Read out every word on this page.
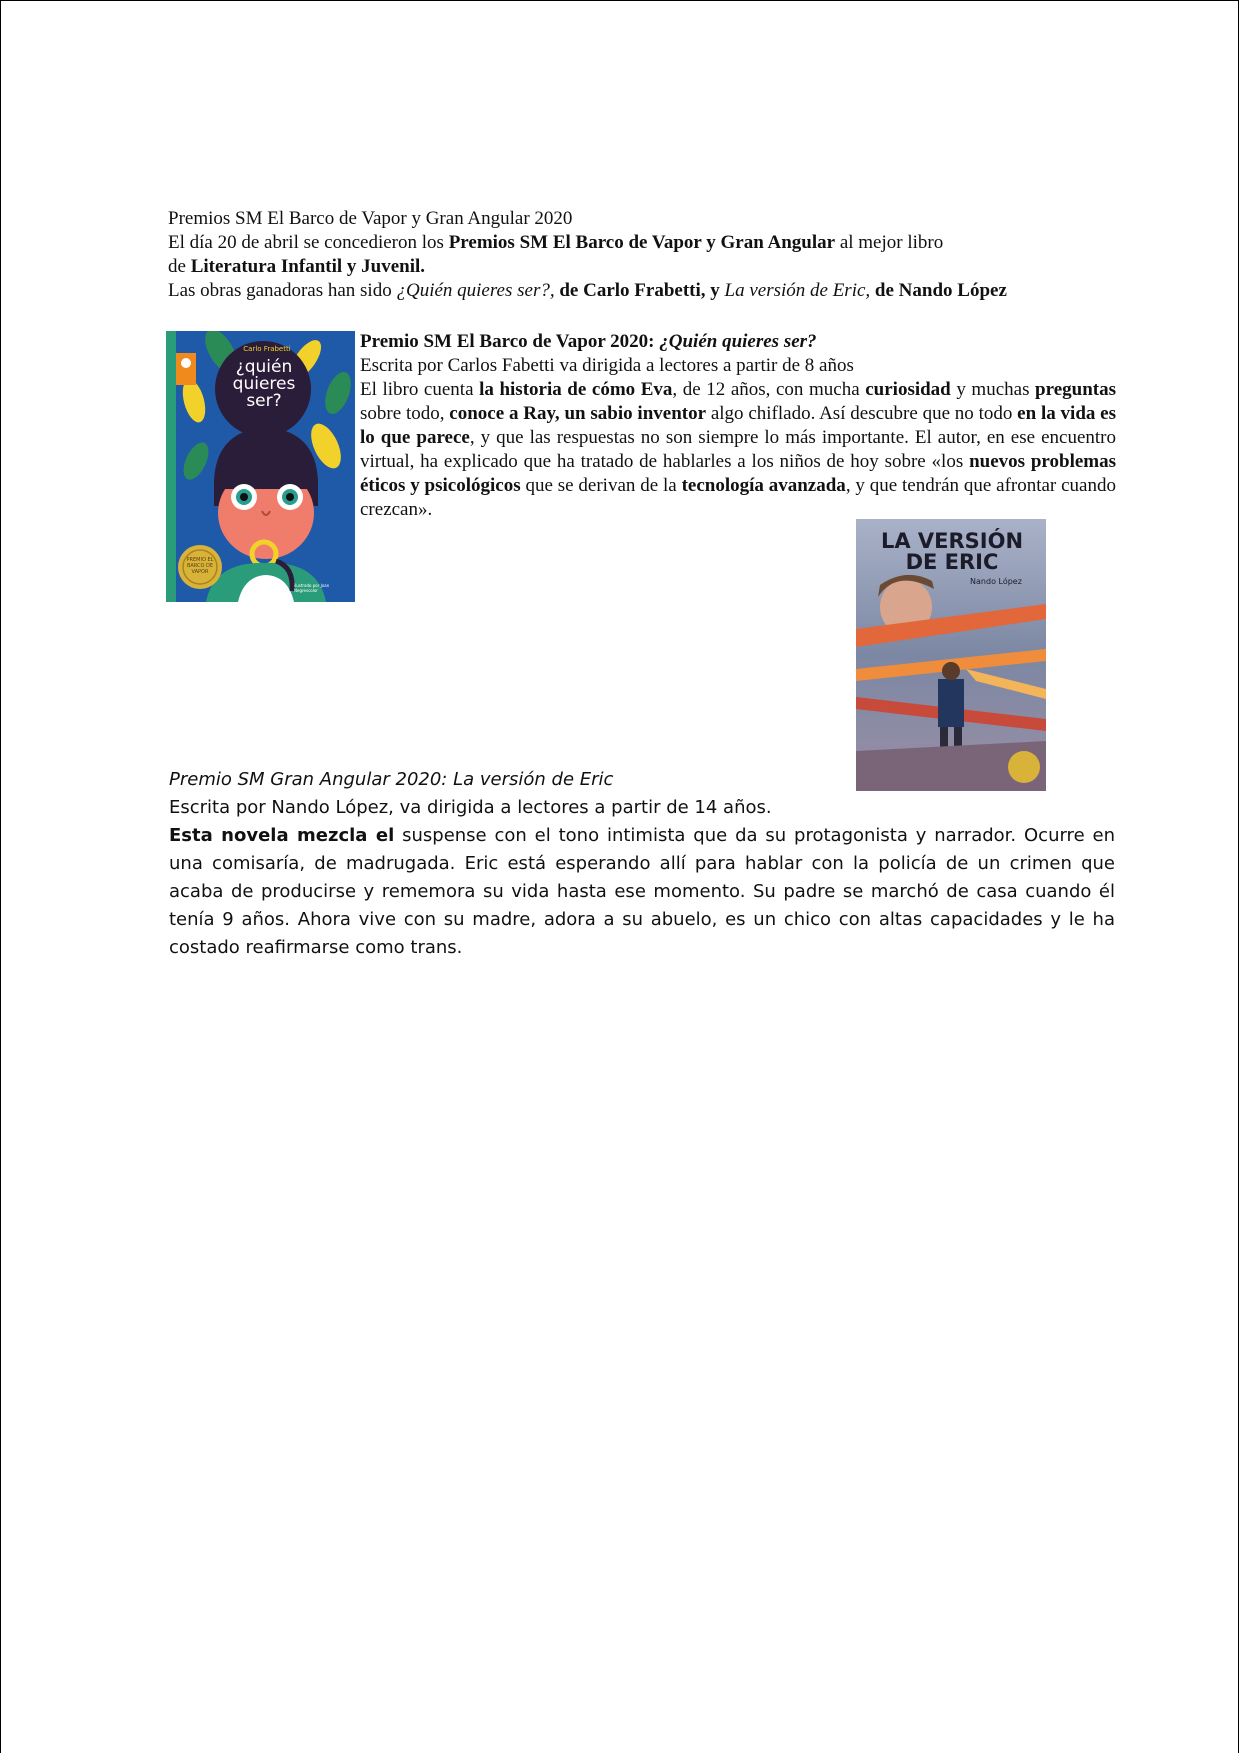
Premios SM El Barco de Vapor y Gran Angular 2020
El día 20 de abril se concedieron los Premios SM El Barco de Vapor y Gran Angular al mejor libro
de Literatura Infantil y Juvenil.
Las obras ganadoras han sido ¿Quién quieres ser?, de Carlo Frabetti, y La versión de Eric, de Nando López
Carlo Frabetti
¿quién quieres ser?
PREMIO EL BARCO DE VAPOR
ilustrado por Joan Negrescolor
Premio SM El Barco de Vapor 2020: ¿Quién quieres ser?
Escrita por Carlos Fabetti va dirigida a lectores a partir de 8 años

El libro cuenta la historia de cómo Eva, de 12 años, con mucha curiosidad y muchas preguntas sobre todo, conoce a Ray, un sabio inventor algo chiflado. Así descubre que no todo en la vida es lo que parece, y que las respuestas no son siempre lo más importante. El autor, en ese encuentro virtual, ha explicado que ha tratado de hablarles a los niños de hoy sobre «los nuevos problemas éticos y psicológicos que se derivan de la tecnología avanzada, y que tendrán que afrontar cuando crezcan».

LA VERSIÓN DE ERIC
Nando López
Premio SM Gran Angular 2020: La versión de Eric
Escrita por Nando López, va dirigida a lectores a partir de 14 años.

Esta novela mezcla el suspense con el tono intimista que da su protagonista y narrador. Ocurre en una comisaría, de madrugada. Eric está esperando allí para hablar con la policía de un crimen que acaba de producirse y rememora su vida hasta ese momento. Su padre se marchó de casa cuando él tenía 9 años. Ahora vive con su madre, adora a su abuelo, es un chico con altas capacidades y le ha costado reafirmarse como trans.
